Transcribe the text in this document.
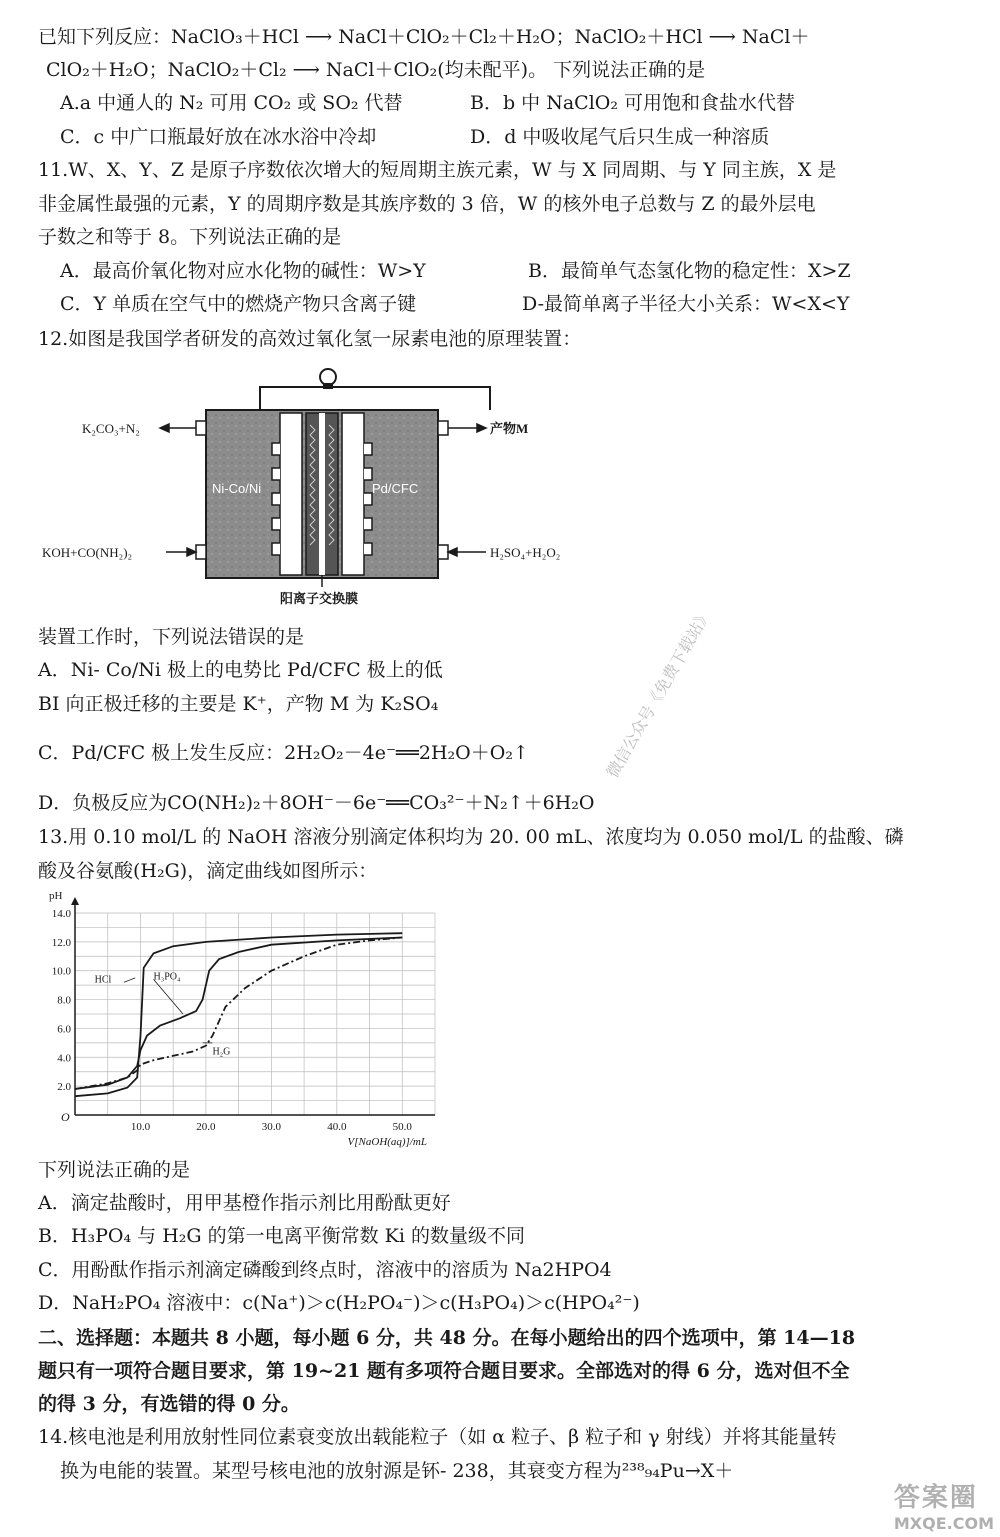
已知下列反应：NaClO₃＋HCl ⟶ NaCl＋ClO₂＋Cl₂＋H₂O；NaClO₂＋HCl ⟶ NaCl＋
ClO₂＋H₂O；NaClO₂＋Cl₂ ⟶ NaCl＋ClO₂(均未配平)。 下列说法正确的是
A.a 中通人的 N₂ 可用 CO₂ 或 SO₂ 代替	B．b 中 NaClO₂ 可用饱和食盐水代替
C．c 中广口瓶最好放在冰水浴中冷却	D．d 中吸收尾气后只生成一种溶质
11.W、X、Y、Z 是原子序数依次增大的短周期主族元素，W 与 X 同周期、与 Y 同主族，X 是
非金属性最强的元素，Y 的周期序数是其族序数的 3 倍，W 的核外电子总数与 Z 的最外层电
子数之和等于 8。下列说法正确的是
A．最高价氧化物对应水化物的碱性：W>Y	B．最简单气态氢化物的稳定性：X>Z
C．Y 单质在空气中的燃烧产物只含离子键	D-最简单离子半径大小关系：W<X<Y
12.如图是我国学者研发的高效过氧化氢一尿素电池的原理装置：
K₂CO₃+N₂	产物M
KOH+CO(NH₂)₂	H₂SO₄+H₂O₂
Ni-Co/Ni	Pd/CFC
阳离子交换膜
装置工作时，下列说法错误的是
A．Ni- Co/Ni 极上的电势比 Pd/CFC 极上的低
BI 向正极迁移的主要是 K⁺，产物 M 为 K₂SO₄
C．Pd/CFC 极上发生反应：2H₂O₂－4e⁻══2H₂O＋O₂↑
D．负极反应为CO(NH₂)₂＋8OH⁻－6e⁻══CO₃²⁻＋N₂↑＋6H₂O
13.用 0.10 mol/L 的 NaOH 溶液分别滴定体积均为 20. 00 mL、浓度均为 0.050 mol/L 的盐酸、磷
酸及谷氨酸(H₂G)，滴定曲线如图所示：
10.0	20.0	30.0	40.0	50.0
2.0
4.0
6.0
8.0
10.0
12.0
14.0
O
pH
V[NaOH(aq)]/mL
HCl	H₃PO₄
H₂G
微信公众号《免费下载站》
下列说法正确的是
A．滴定盐酸时，用甲基橙作指示剂比用酚酞更好
B．H₃PO₄ 与 H₂G 的第一电离平衡常数 Ki 的数量级不同
C．用酚酞作指示剂滴定磷酸到终点时，溶液中的溶质为 Na2HPO4
D．NaH₂PO₄ 溶液中：c(Na⁺)＞c(H₂PO₄⁻)＞c(H₃PO₄)＞c(HPO₄²⁻)
二、选择题：本题共 8 小题，每小题 6 分，共 48 分。在每小题给出的四个选项中，第 14—18
题只有一项符合题目要求，第 19~21 题有多项符合题目要求。全部选对的得 6 分，选对但不全
的得 3 分，有选错的得 0 分。
14.核电池是利用放射性同位素衰变放出载能粒子（如 α 粒子、β 粒子和 γ 射线）并将其能量转
换为电能的装置。某型号核电池的放射源是钚- 238，其衰变方程为²³⁸₉₄Pu→X＋
答案圈
MXQE.COM
